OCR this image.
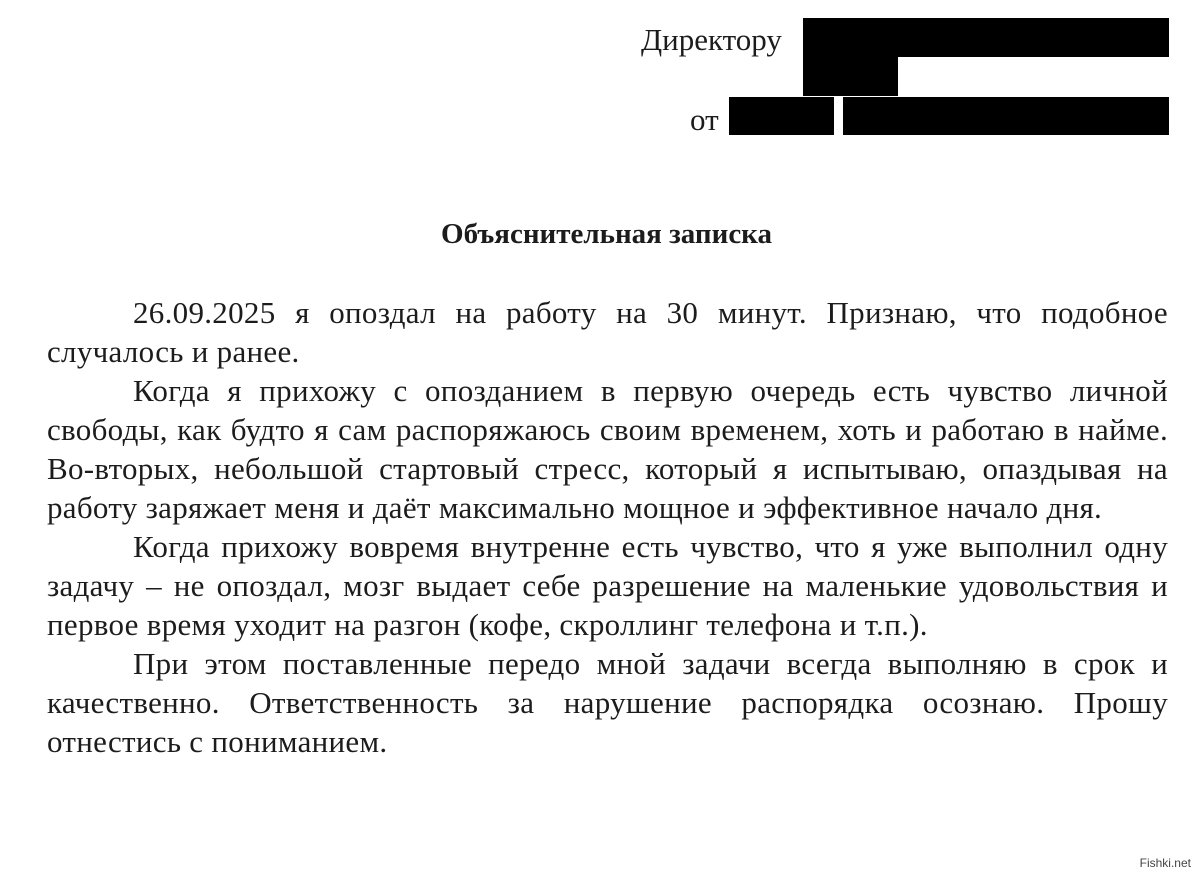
Директору
от
Объяснительная записка

26.09.2025 я опоздал на работу на 30 минут. Признаю, что подобное случалось и ранее.

Когда я прихожу с опозданием в первую очередь есть чувство личной свободы, как будто я сам распоряжаюсь своим временем, хоть и работаю в найме. Во-вторых, небольшой стартовый стресс, который я испытываю, опаздывая на работу заряжает меня и даёт максимально мощное и эффективное начало дня.

Когда прихожу вовремя внутренне есть чувство, что я уже выполнил одну задачу – не опоздал, мозг выдает себе разрешение на маленькие удовольствия и первое время уходит на разгон (кофе, скроллинг телефона и т.п.).

При этом поставленные передо мной задачи всегда выполняю в срок и качественно. Ответственность за нарушение распорядка осознаю. Прошу отнестись с пониманием.

Fishki.net
